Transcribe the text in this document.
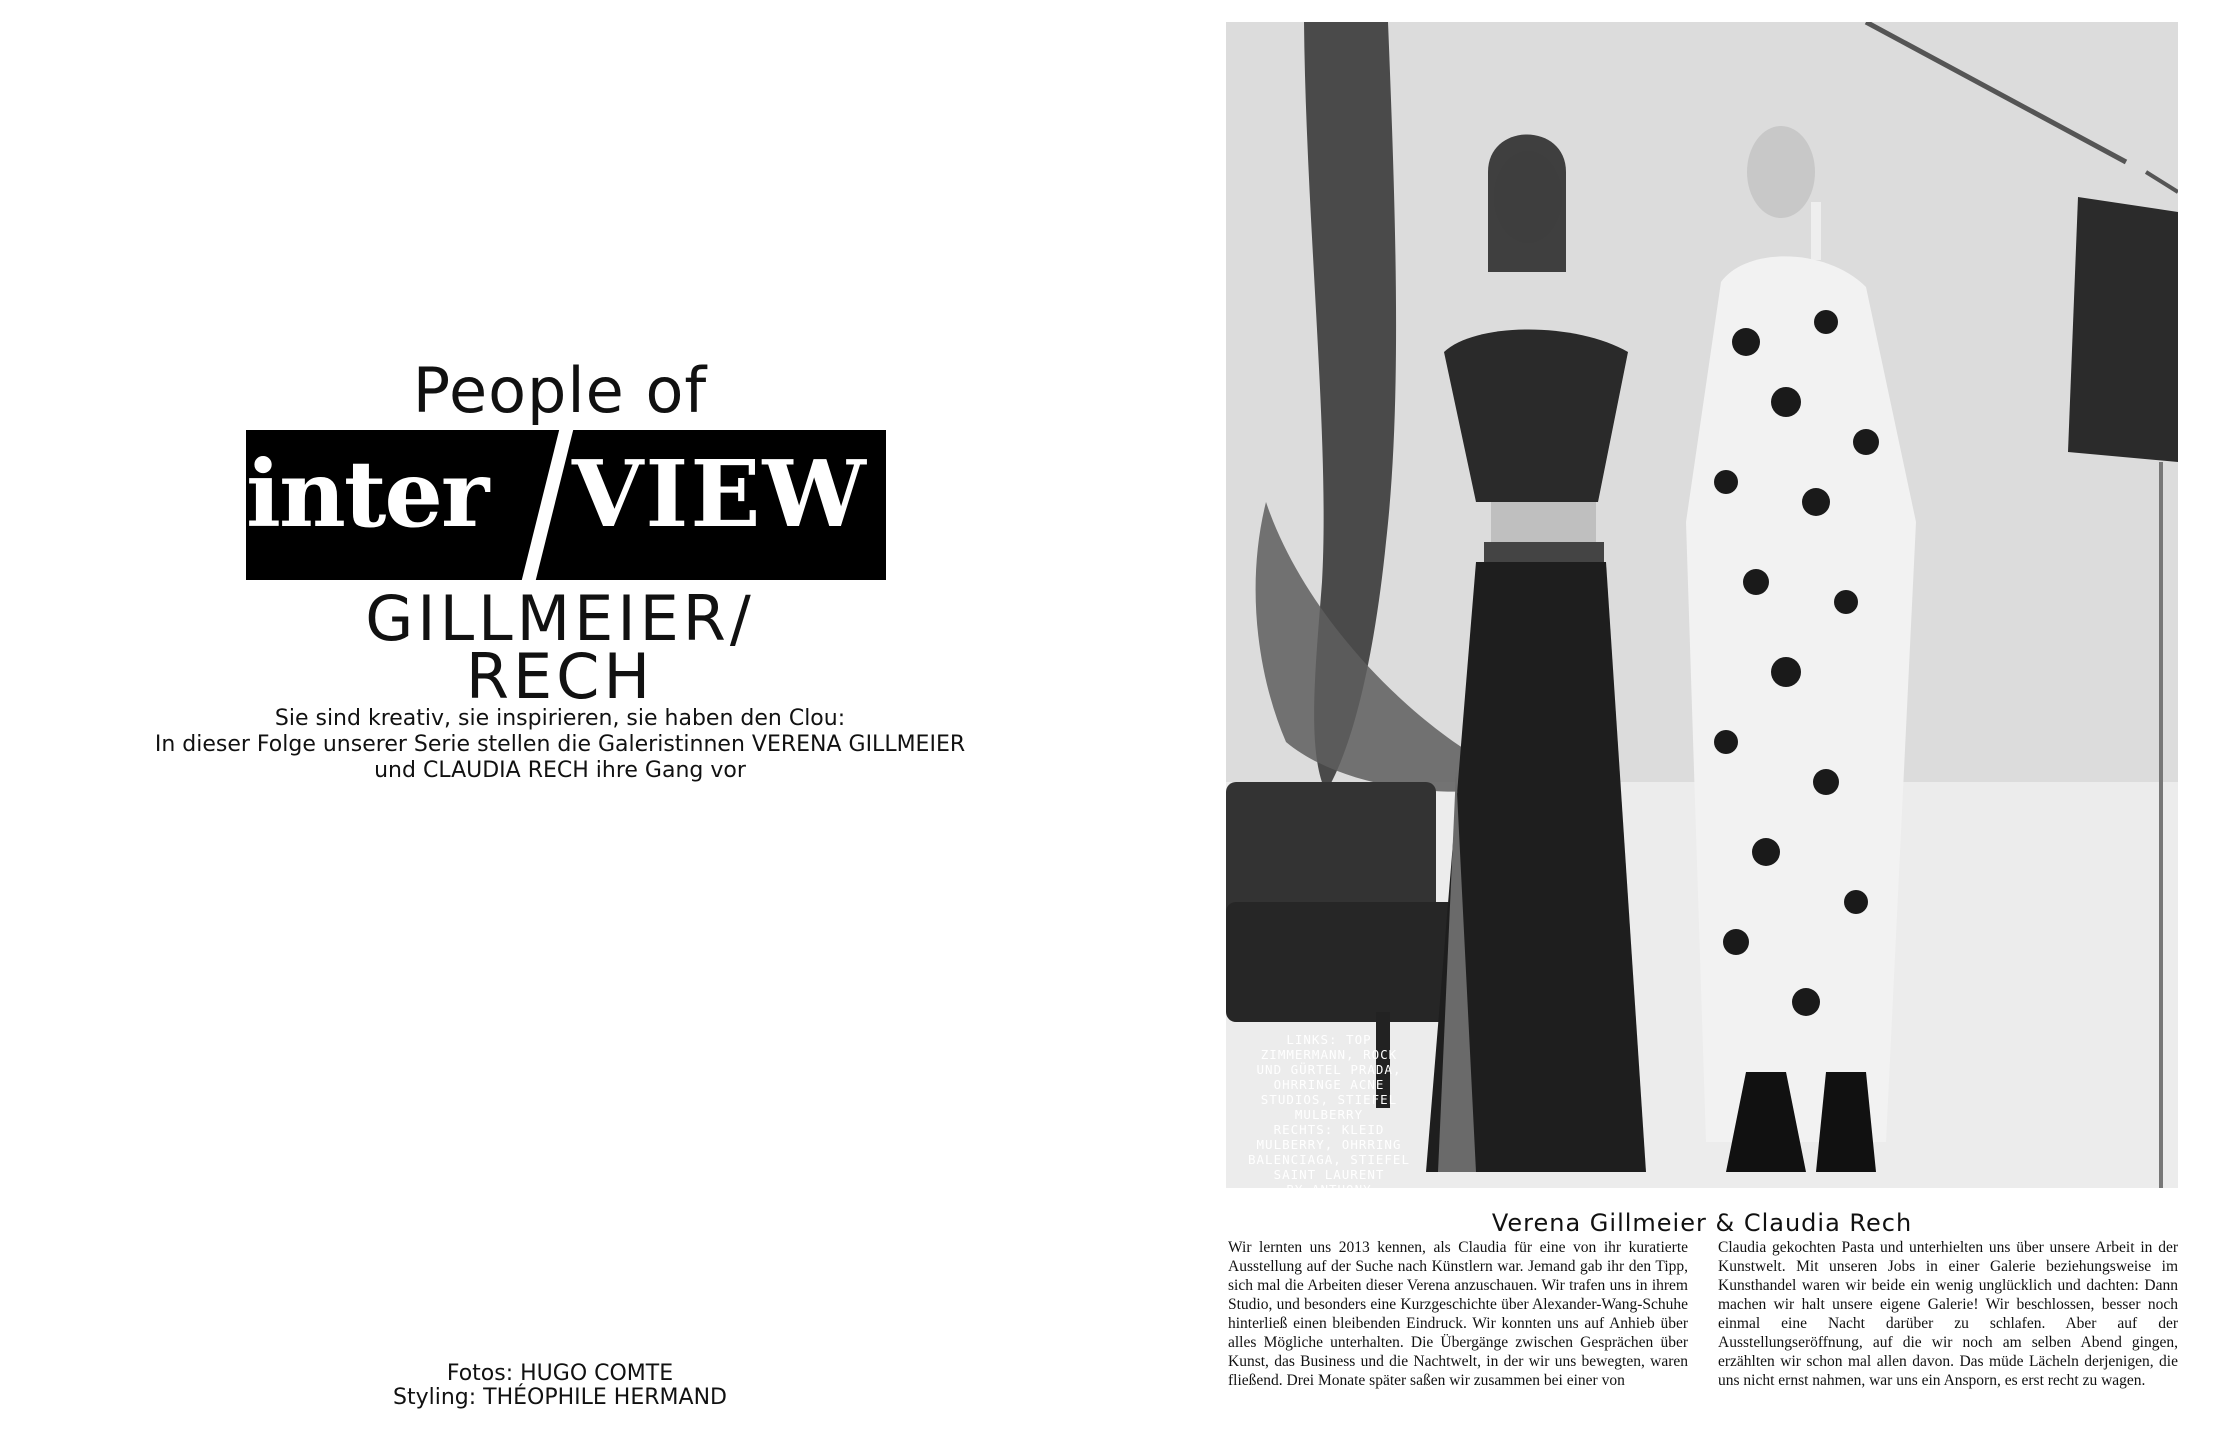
People of
inter VIEW
GILLMEIER/
RECH
Sie sind kreativ, sie inspirieren, sie haben den Clou:
In dieser Folge unserer Serie stellen die Galeristinnen VERENA GILLMEIER
und CLAUDIA RECH ihre Gang vor
Fotos: HUGO COMTE
Styling: THÉOPHILE HERMAND
LINKS: TOP
ZIMMERMANN, ROCK
UND GÜRTEL PRADA,
OHRRINGE ACNE
STUDIOS, STIEFEL
MULBERRY
RECHTS: KLEID
MULBERRY, OHRRING
BALENCIAGA, STIEFEL
SAINT LAURENT
BY ANTHONY
VACCARELLO
Verena Gillmeier & Claudia Rech
Wir lernten uns 2013 kennen, als Claudia für eine von ihr kuratierte Ausstellung auf der Suche nach Künstlern war. Jemand gab ihr den Tipp, sich mal die Arbeiten dieser Verena anzuschauen. Wir trafen uns in ihrem Studio, und besonders eine Kurzgeschichte über Alexander-Wang-Schuhe hinterließ einen bleibenden Eindruck. Wir konnten uns auf Anhieb über alles Mögliche unterhalten. Die Übergänge zwischen Gesprächen über Kunst, das Business und die Nachtwelt, in der wir uns bewegten, waren fließend. Drei Monate später saßen wir zusammen bei einer von
Claudia gekochten Pasta und unterhielten uns über unsere Arbeit in der Kunstwelt. Mit unseren Jobs in einer Galerie beziehungsweise im Kunsthandel waren wir beide ein wenig unglücklich und dachten: Dann machen wir halt unsere eigene Galerie! Wir beschlossen, besser noch einmal eine Nacht darüber zu schlafen. Aber auf der Ausstellungseröffnung, auf die wir noch am selben Abend gingen, erzählten wir schon mal allen davon. Das müde Lächeln derjenigen, die uns nicht ernst nahmen, war uns ein Ansporn, es erst recht zu wagen.
